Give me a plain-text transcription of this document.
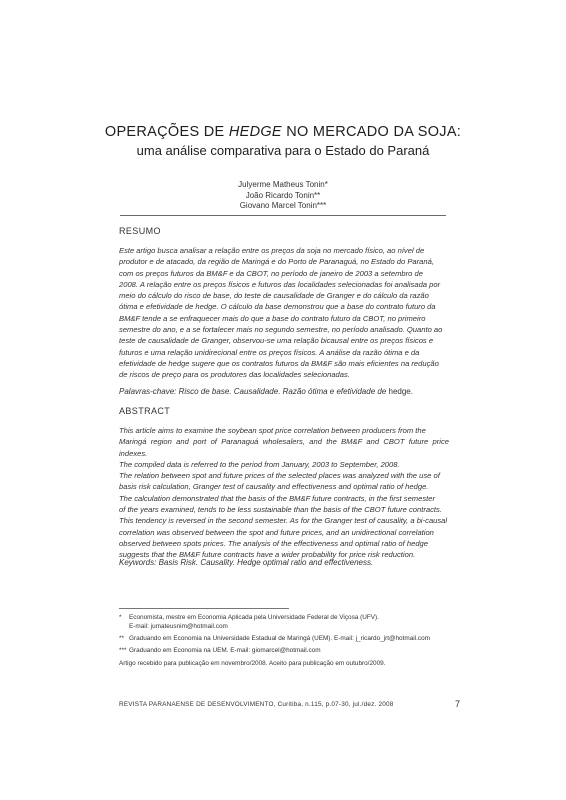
OPERAÇÕES DE HEDGE NO MERCADO DA SOJA:
uma análise comparativa para o Estado do Paraná
Julyerme Matheus Tonin*
João Ricardo Tonin**
Giovano Marcel Tonin***
RESUMO
Este artigo busca analisar a relação entre os preços da soja no mercado físico, ao nível de
produtor e de atacado, da região de Maringá e do Porto de Paranaguá, no Estado do Paraná,
com os preços futuros da BM&F e da CBOT, no período de janeiro de 2003 a setembro de
2008. A relação entre os preços físicos e futuros das localidades selecionadas foi analisada por
meio do cálculo do risco de base, do teste de causalidade de Granger e do cálculo da razão
ótima e efetividade de hedge. O cálculo da base demonstrou que a base do contrato futuro da
BM&F tende a se enfraquecer mais do que a base do contrato futuro da CBOT, no primeiro
semestre do ano, e a se fortalecer mais no segundo semestre, no período analisado. Quanto ao
teste de causalidade de Granger, observou-se uma relação bicausal entre os preços físicos e
futuros e uma relação unidirecional entre os preços físicos. A análise da razão ótima e da
efetividade de hedge sugere que os contratos futuros da BM&F são mais eficientes na redução
de riscos de preço para os produtores das localidades selecionadas.
Palavras-chave: Risco de base. Causalidade. Razão ótima e efetividade de hedge.
ABSTRACT
This article aims to examine the soybean spot price correlation between producers from the
Maringá region and port of Paranaguá wholesalers, and the BM&F and CBOT future price indexes.
The compiled data is referred to the period from January, 2003 to September, 2008.
The relation between spot and future prices of the selected places was analyzed with the use of
basis risk calculation, Granger test of causality and effectiveness and optimal ratio of hedge.
The calculation demonstrated that the basis of the BM&F future contracts, in the first semester
of the years examined, tends to be less sustainable than the basis of the CBOT future contracts.
This tendency is reversed in the second semester. As for the Granger test of causality, a bi-causal
correlation was observed between the spot and future prices, and an unidirectional correlation
observed between spots prices. The analysis of the effectiveness and optimal ratio of hedge
suggests that the BM&F future contracts have a wider probability for price risk reduction.
Keywords: Basis Risk. Causality. Hedge optimal ratio and effectiveness.
* Economista, mestre em Economia Aplicada pela Universidade Federal de Viçosa (UFV).
E-mail: jumateusnim@hotmail.com
** Graduando em Economia na Universidade Estadual de Maringá (UEM). E-mail: j_ricardo_jrt@hotmail.com
*** Graduando em Economia na UEM. E-mail: giomarcel@hotmail.com
Artigo recebido para publicação em novembro/2008. Aceito para publicação em outubro/2009.
REVISTA PARANAENSE DE DESENVOLVIMENTO, Curitiba, n.115, p.07-30, jul./dez. 2008	7
